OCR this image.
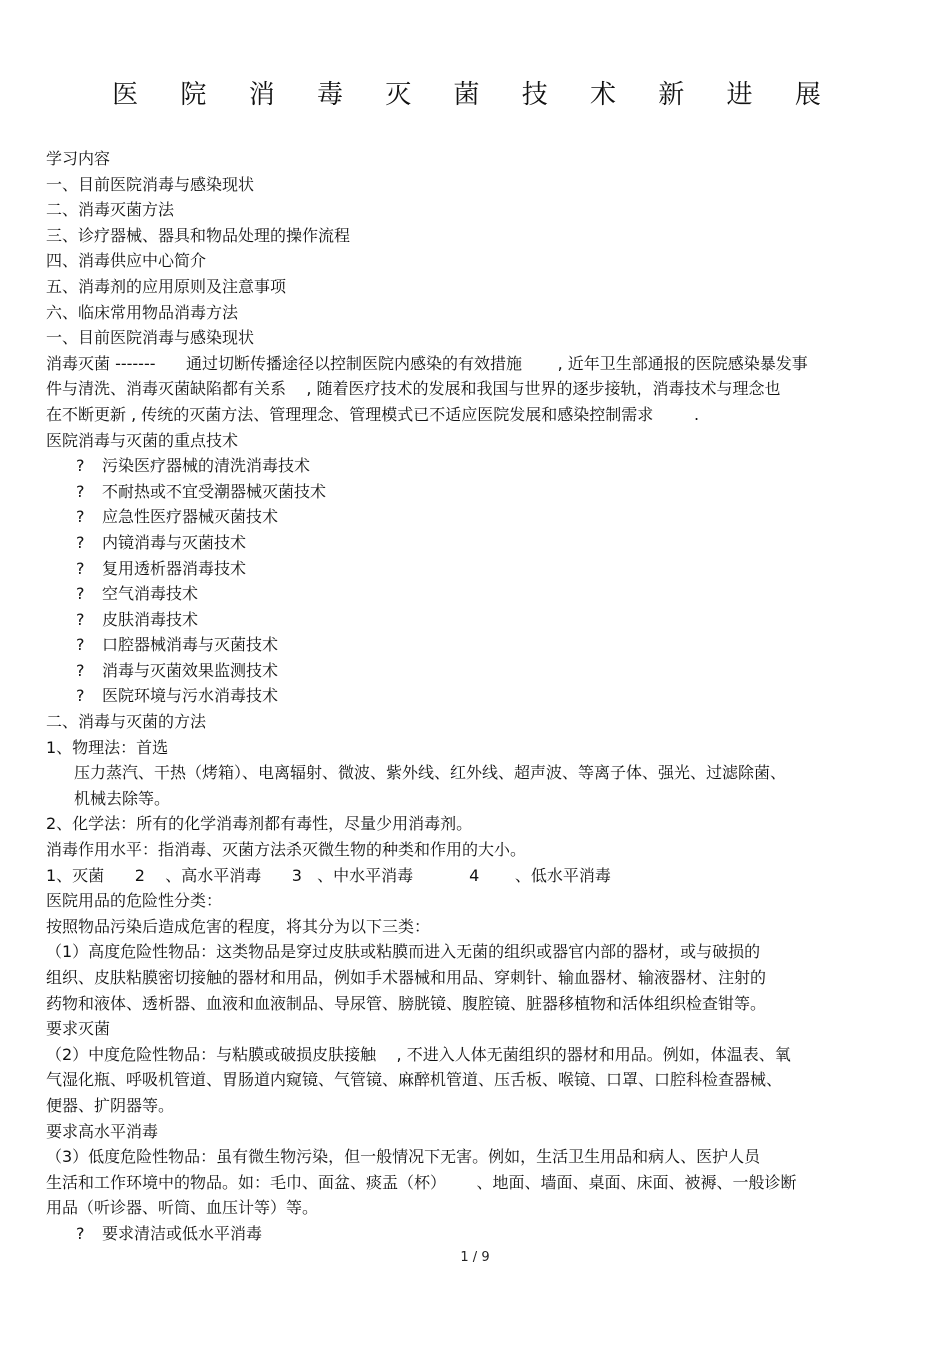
医 院 消 毒 灭 菌 技 术 新 进 展
学习内容
一、目前医院消毒与感染现状
二、消毒灭菌方法
三、诊疗器械、器具和物品处理的操作流程
四、消毒供应中心简介
五、消毒剂的应用原则及注意事项
六、临床常用物品消毒方法
一、目前医院消毒与感染现状
消毒灭菌 -------      通过切断传播途径以控制医院内感染的有效措施       , 近年卫生部通报的医院感染暴发事
件与清洗、消毒灭菌缺陷都有关系    , 随着医疗技术的发展和我国与世界的逐步接轨，消毒技术与理念也
在不断更新 , 传统的灭菌方法、管理理念、管理模式已不适应医院发展和感染控制需求        .
医院消毒与灭菌的重点技术
? 污染医疗器械的清洗消毒技术
? 不耐热或不宜受潮器械灭菌技术
? 应急性医疗器械灭菌技术
? 内镜消毒与灭菌技术
? 复用透析器消毒技术
? 空气消毒技术
? 皮肤消毒技术
? 口腔器械消毒与灭菌技术
? 消毒与灭菌效果监测技术
? 医院环境与污水消毒技术
二、消毒与灭菌的方法
1、物理法：首选
压力蒸汽、干热（烤箱）、电离辐射、微波、紫外线、红外线、超声波、等离子体、强光、过滤除菌、
机械去除等。
2、化学法：所有的化学消毒剂都有毒性，尽量少用消毒剂。
消毒作用水平：指消毒、灭菌方法杀灭微生物的种类和作用的大小。
1、灭菌      2    、高水平消毒      3   、中水平消毒           4       、低水平消毒
医院用品的危险性分类：
按照物品污染后造成危害的程度，将其分为以下三类：
（1）高度危险性物品：这类物品是穿过皮肤或粘膜而进入无菌的组织或器官内部的器材，或与破损的
组织、皮肤粘膜密切接触的器材和用品，例如手术器械和用品、穿刺针、输血器材、输液器材、注射的
药物和液体、透析器、血液和血液制品、导尿管、膀胱镜、腹腔镜、脏器移植物和活体组织检查钳等。
要求灭菌
（2）中度危险性物品：与粘膜或破损皮肤接触    , 不进入人体无菌组织的器材和用品。例如，体温表、氧
气湿化瓶、呼吸机管道、胃肠道内窥镜、气管镜、麻醉机管道、压舌板、喉镜、口罩、口腔科检查器械、
便器、扩阴器等。
要求高水平消毒
（3）低度危险性物品：虽有微生物污染，但一般情况下无害。例如，生活卫生用品和病人、医护人员
生活和工作环境中的物品。如：毛巾、面盆、痰盂（杯）      、地面、墙面、桌面、床面、被褥、一般诊断
用品（听诊器、听筒、血压计等）等。
? 要求清洁或低水平消毒
1 / 9
